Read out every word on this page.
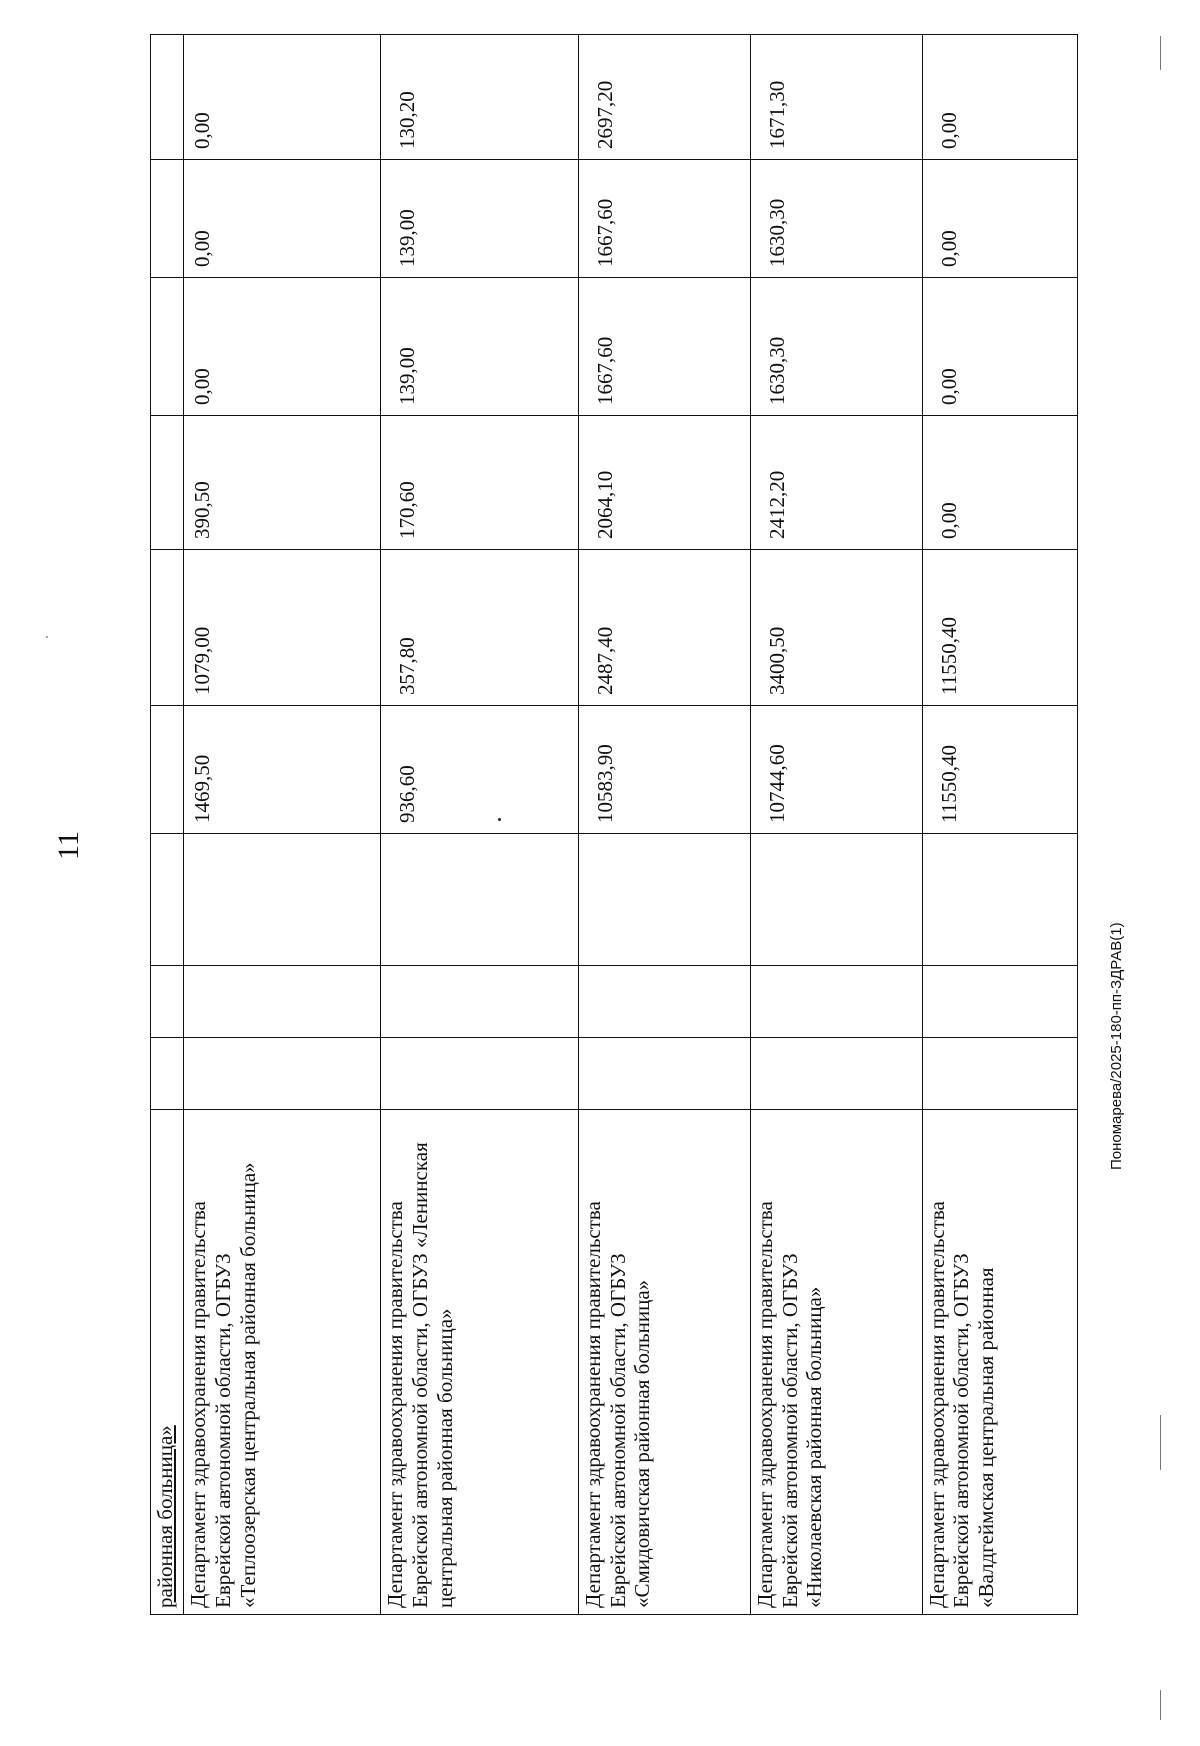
11
Пономарева/2025-180-пп-ЗДРАВ(1)
районная больница»									
Департамент здравоохранения правительства Еврейской автономной области, ОГБУЗ «Теплоозерская центральная районная больница»				1469,50	1079,00	390,50	0,00	0,00	0,00
Департамент здравоохранения правительства Еврейской автономной области, ОГБУЗ «Ленинская центральная районная больница»				936,60	357,80	170,60	139,00	139,00	130,20
Департамент здравоохранения правительства Еврейской автономной области, ОГБУЗ «Смидовичская районная больница»				10583,90	2487,40	2064,10	1667,60	1667,60	2697,20
Департамент здравоохранения правительства Еврейской автономной области, ОГБУЗ «Николаевская районная больница»				10744,60	3400,50	2412,20	1630,30	1630,30	1671,30
Департамент здравоохранения правительства Еврейской автономной области, ОГБУЗ «Валдгеймская центральная районная				11550,40	11550,40	0,00	0,00	0,00	0,00
